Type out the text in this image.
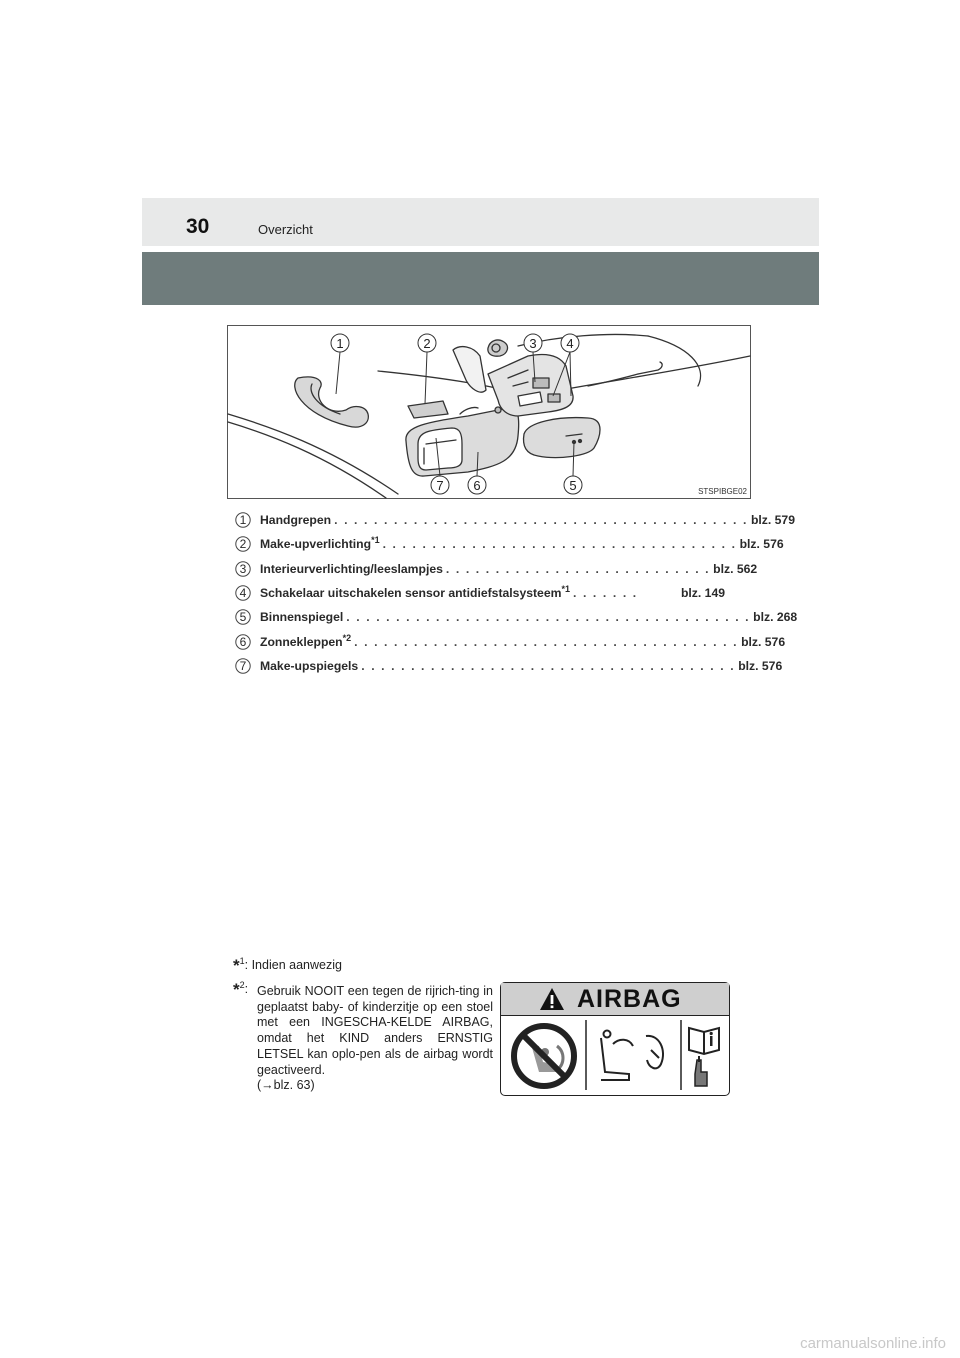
30	Overzicht
1	2	3 4
7 6	5	STSPIBGE02
1	Handgrepen . . . . . . . . . . . . . . . . . . . . . . . . . . . . . . . . . . . . . . . . . . blz. 579
2	Make-upverlichting$^{*1}$ . . . . . . . . . . . . . . . . . . . . . . . . . . . . . . . . . . . . blz. 576
3	Interieurverlichting/leeslampjes . . . . . . . . . . . . . . . . . . . . . . . . . . . blz. 562
4	Schakelaar uitschakelen sensor antidiefstalsysteem$^{*1}$ . . . . . . .	blz. 149
5	Binnenspiegel . . . . . . . . . . . . . . . . . . . . . . . . . . . . . . . . . . . . . . . . . blz. 268
6	Zonnekleppen$^{*2}$ . . . . . . . . . . . . . . . . . . . . . . . . . . . . . . . . . . . . . . . blz. 576
7	Make-upspiegels . . . . . . . . . . . . . . . . . . . . . . . . . . . . . . . . . . . . . . blz. 576
*$^1$: Indien aanwezig
*$^2$: Gebruik NOOIT een tegen de rijrich-ting in geplaatst baby- of kinderzitje op een stoel met een INGESCHA-KELDE AIRBAG, omdat het KIND anders ERNSTIG LETSEL kan oplo-pen als de airbag wordt geactiveerd.
(→blz. 63)
AIRBAG
carmanualsonline.info
